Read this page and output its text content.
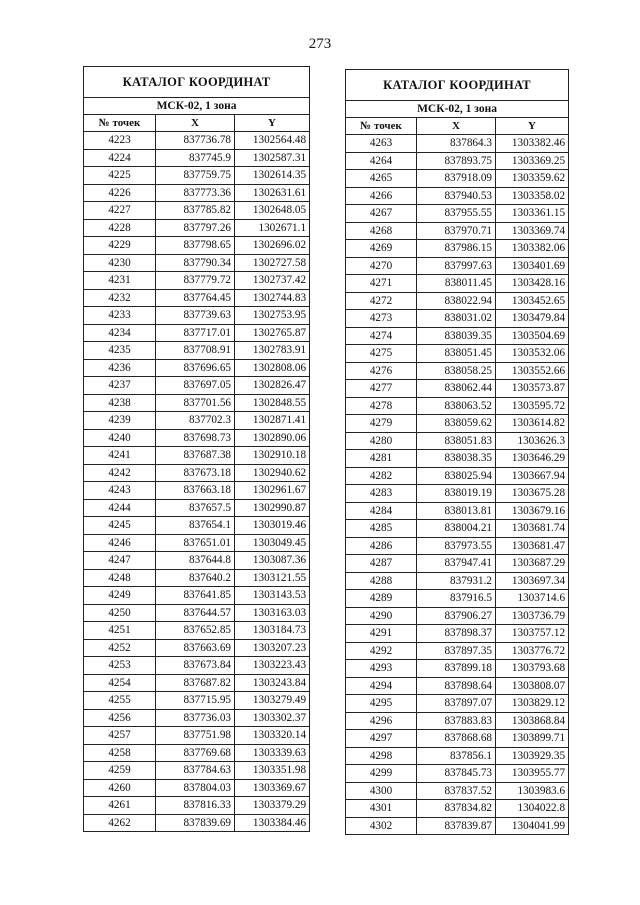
273
КАТАЛОГ КООРДИНАТ		
МСК-02, 1 зона		
№ точек	X	Y
4223	837736.78	1302564.48
4224	837745.9	1302587.31
4225	837759.75	1302614.35
4226	837773.36	1302631.61
4227	837785.82	1302648.05
4228	837797.26	1302671.1
4229	837798.65	1302696.02
4230	837790.34	1302727.58
4231	837779.72	1302737.42
4232	837764.45	1302744.83
4233	837739.63	1302753.95
4234	837717.01	1302765.87
4235	837708.91	1302783.91
4236	837696.65	1302808.06
4237	837697.05	1302826.47
4238	837701.56	1302848.55
4239	837702.3	1302871.41
4240	837698.73	1302890.06
4241	837687.38	1302910.18
4242	837673.18	1302940.62
4243	837663.18	1302961.67
4244	837657.5	1302990.87
4245	837654.1	1303019.46
4246	837651.01	1303049.45
4247	837644.8	1303087.36
4248	837640.2	1303121.55
4249	837641.85	1303143.53
4250	837644.57	1303163.03
4251	837652.85	1303184.73
4252	837663.69	1303207.23
4253	837673.84	1303223.43
4254	837687.82	1303243.84
4255	837715.95	1303279.49
4256	837736.03	1303302.37
4257	837751.98	1303320.14
4258	837769.68	1303339.63
4259	837784.63	1303351.98
4260	837804.03	1303369.67
4261	837816.33	1303379.29
4262	837839.69	1303384.46
КАТАЛОГ КООРДИНАТ		
МСК-02, 1 зона		
№ точек	X	Y
4263	837864.3	1303382.46
4264	837893.75	1303369.25
4265	837918.09	1303359.62
4266	837940.53	1303358.02
4267	837955.55	1303361.15
4268	837970.71	1303369.74
4269	837986.15	1303382.06
4270	837997.63	1303401.69
4271	838011.45	1303428.16
4272	838022.94	1303452.65
4273	838031.02	1303479.84
4274	838039.35	1303504.69
4275	838051.45	1303532.06
4276	838058.25	1303552.66
4277	838062.44	1303573.87
4278	838063.52	1303595.72
4279	838059.62	1303614.82
4280	838051.83	1303626.3
4281	838038.35	1303646.29
4282	838025.94	1303667.94
4283	838019.19	1303675.28
4284	838013.81	1303679.16
4285	838004.21	1303681.74
4286	837973.55	1303681.47
4287	837947.41	1303687.29
4288	837931.2	1303697.34
4289	837916.5	1303714.6
4290	837906.27	1303736.79
4291	837898.37	1303757.12
4292	837897.35	1303776.72
4293	837899.18	1303793.68
4294	837898.64	1303808.07
4295	837897.07	1303829.12
4296	837883.83	1303868.84
4297	837868.68	1303899.71
4298	837856.1	1303929.35
4299	837845.73	1303955.77
4300	837837.52	1303983.6
4301	837834.82	1304022.8
4302	837839.87	1304041.99
